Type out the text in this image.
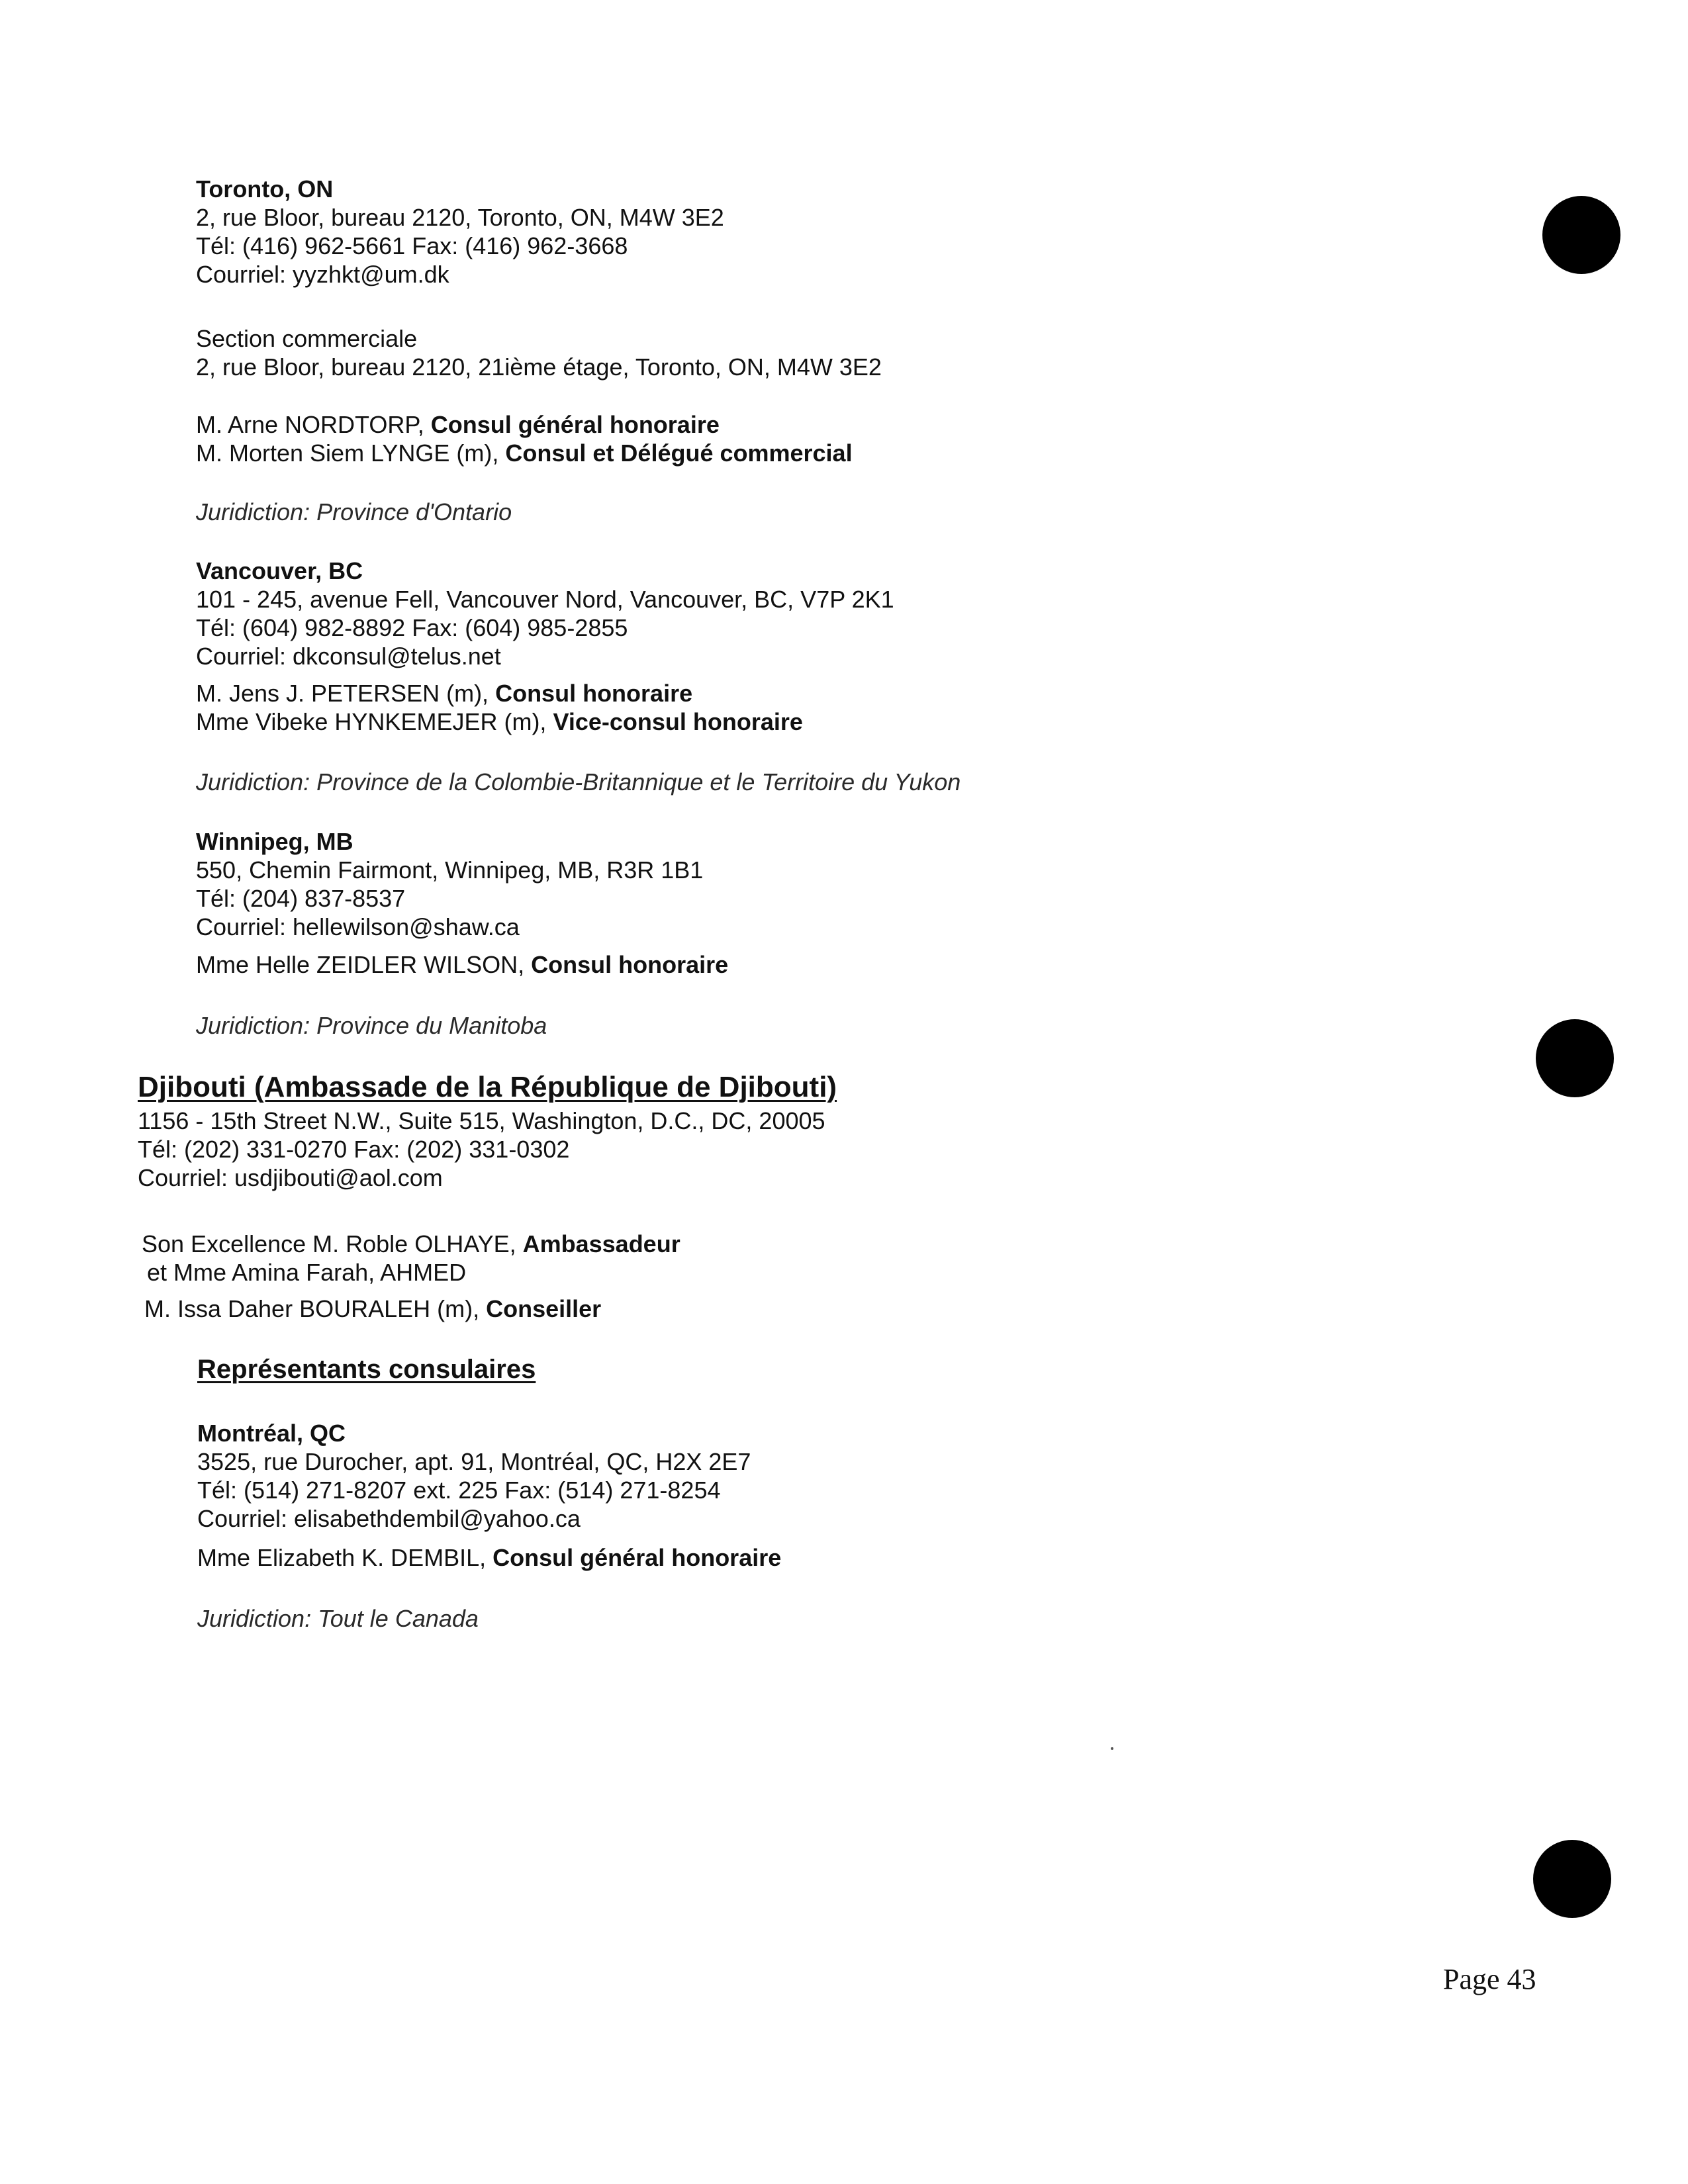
Toronto, ON
2, rue Bloor, bureau 2120, Toronto, ON, M4W 3E2
Tél: (416) 962-5661 Fax: (416) 962-3668
Courriel: yyzhkt@um.dk
Section commerciale
2, rue Bloor, bureau 2120, 21ième étage, Toronto, ON, M4W 3E2
M. Arne NORDTORP, Consul général honoraire
M. Morten Siem LYNGE (m), Consul et Délégué commercial
Juridiction: Province d'Ontario
Vancouver, BC
101 - 245, avenue Fell, Vancouver Nord, Vancouver, BC, V7P 2K1
Tél: (604) 982-8892 Fax: (604) 985-2855
Courriel: dkconsul@telus.net
M. Jens J. PETERSEN (m), Consul honoraire
Mme Vibeke HYNKEMEJER (m), Vice-consul honoraire
Juridiction: Province de la Colombie-Britannique et le Territoire du Yukon
Winnipeg, MB
550, Chemin Fairmont, Winnipeg, MB, R3R 1B1
Tél: (204) 837-8537
Courriel: hellewilson@shaw.ca
Mme Helle ZEIDLER WILSON, Consul honoraire
Juridiction: Province du Manitoba
Djibouti (Ambassade de la République de Djibouti)
1156 - 15th Street N.W., Suite 515, Washington, D.C., DC, 20005
Tél: (202) 331-0270 Fax: (202) 331-0302
Courriel: usdjibouti@aol.com
Son Excellence M. Roble OLHAYE, Ambassadeur
et Mme Amina Farah, AHMED
M. Issa Daher BOURALEH (m), Conseiller
Représentants consulaires
Montréal, QC
3525, rue Durocher, apt. 91, Montréal, QC, H2X 2E7
Tél: (514) 271-8207 ext. 225 Fax: (514) 271-8254
Courriel: elisabethdembil@yahoo.ca
Mme Elizabeth K. DEMBIL, Consul général honoraire
Juridiction: Tout le Canada
Page 43
